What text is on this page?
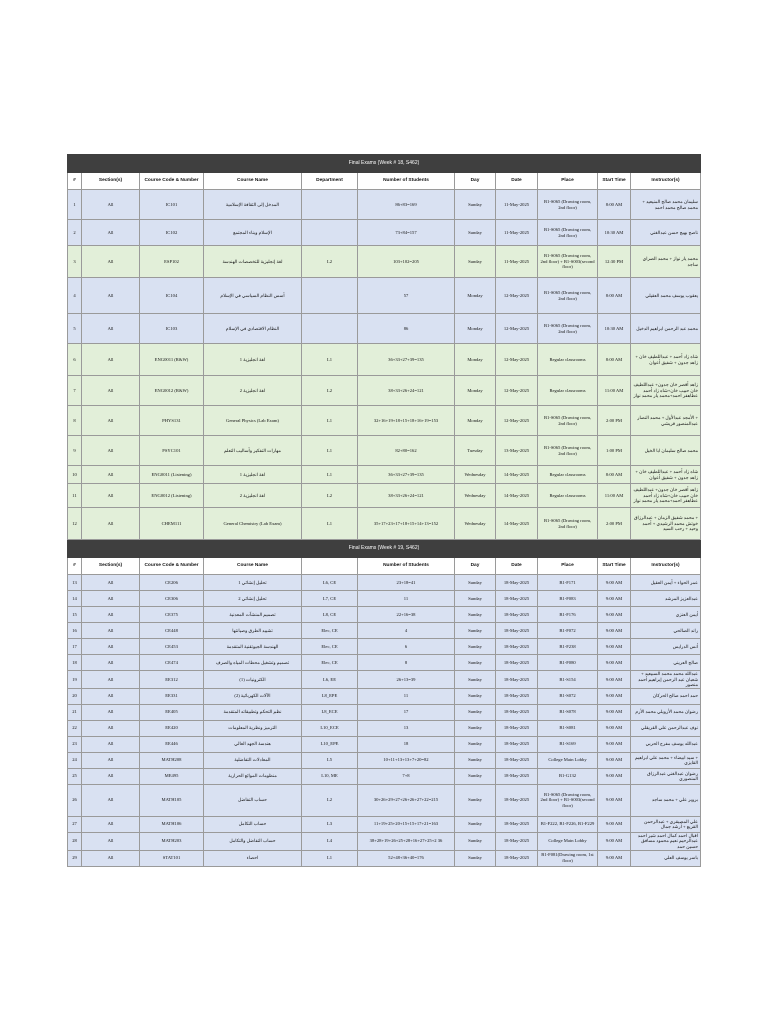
Final Exams (Week # 18, S462)										
#	Section(s)	Course Code & Number	Course Name	Department	Number of Students	Day	Date	Place	Start Time	Instructor(s)
1	All	IC101	المدخل إلى الثقافة الإسلامية		86+83=169	Sunday	11-May-2025	B1-S065 (Drawing room, 2nd floor)	8:00 AM	سليمان محمد صالح المنيعيد + محمد صالح محمد احمد
2	All	IC102	الإسلام وبناء المجتمع		73+84=157	Sunday	11-May-2025	B1-S065 (Drawing room, 2nd floor)	10:30 AM	ناصح بهيج حسن عبدالغني
3	All	ESP102	لغة إنجليزية للتخصصات الهندسة	L2	103+102=205	Sunday	11-May-2025	B1-S065 (Drawing room, 2nd floor) + B1-S003(second floor)	12:30 PM	محمد يار نواز + محمد الصراي ساجد
4	All	IC104	أسس النظام السياسي في الإسلام		57	Monday	12-May-2025	B1-S065 (Drawing room, 2nd floor)	8:00 AM	يعقوب يوسف محمد العقيلي
5	All	IC103	النظام الاقتصادي في الإسلام		86	Monday	12-May-2025	B1-S065 (Drawing room, 2nd floor)	10:30 AM	محمد عبد الرحمن ابراهيم الدخيل
6	All	ENG0011 (R&W)	لغة انجليزية 1	L1	36+33+27+39=135	Monday	12-May-2025	Regular classrooms	8:00 AM	شاه زاد أحمد + عبداللطيف خان + زاهد جدون + شفيق أعوان
7	All	ENG0012 (R&W)	لغة انجليزية 2	L2	38+33+26+24=121	Monday	12-May-2025	Regular classrooms	11:00 AM	زاهد أقصر خان جدون+ عبداللطيف خان حبيب خان+شاه زاد أحمد عطاهفر احمد+محمد يار محمد نواز
8	All	PHYS131	General Physics (Lab Exam)	L1	32+16+19+18+15+18+16+19=153	Monday	12-May-2025	B1-S065 (Drawing room, 2nd floor)	2:00 PM	+ الأمجد عبدالأول + محمد النصار عبدالمنصور قريشي
9	All	PSYC101	مهارات التفكير وأساليب التعلم	L1	82+80=162	Tuesday	13-May-2025	B1-S065 (Drawing room, 2nd floor)	1:00 PM	محمد صالح سليمان ابا الخيل
10	All	ENG0011 (Listening)	لغة انجليزية 1	L1	36+33+27+39=135	Wednesday	14-May-2025	Regular classrooms	8:00 AM	شاه زاد أحمد + عبداللطيف خان + زاهد جدون + شفيق أعوان
11	All	ENG0012 (Listening)	لغة انجليزية 2	L2	38+33+26+24=121	Wednesday	14-May-2025	Regular classrooms	11:00 AM	زاهد أقصر خان جدون+ عبداللطيف خان حبيب خان+شاه زاد أحمد عطاهفر احمد+محمد يار محمد نواز
12	All	CHEM111	General Chemistry (Lab Exam)	L1	35+17+23+17+18+15+14+13=152	Wednesday	14-May-2025	B1-S065 (Drawing room, 2nd floor)	2:00 PM	+ محمد شفيق الزمان + عبدالرزاق خوتش محمد الرشيدي + أحمد وحيد + رحب السيد
Final Exams (Week # 19, S462)										
#	Section(s)	Course Code & Number	Course Name		Number of Students	Day	Date	Place	Start Time	Instructor(s)
13	All	CE206	تحليل إنشائي 1	L6, CE	23+18=41	Sunday	18-May-2025	B1-F171	9:00 AM	عمر الحواء + أيمن العقيل
14	All	CE306	تحليل إنشائي 2	L7, CE	11	Sunday	18-May-2025	B1-F083	9:00 AM	عبدالعزيز المرشد
15	All	CE375	تصميم المنشآت المعدنية	L8, CE	22+16=38	Sunday	18-May-2025	B1-F176	9:00 AM	أيمن العنزي
16	All	CE448	تشييد الطرق وصيانتها	Elec, CE	4	Sunday	18-May-2025	B1-F072	9:00 AM	راند الصالحي
17	All	CE453	الهندسة الجيوتقنية المتقدمة	Elec, CE	6	Sunday	18-May-2025	B1-F238	9:00 AM	أنس الدرايس
18	All	CE474	تصميم وتشغيل محطات المياه والصرف	Elec, CE	8	Sunday	18-May-2025	B1-F080	9:00 AM	صالح العريني
19	All	EE312	الكترونيات (1)	L6, EE	26+13=39	Sunday	18-May-2025	B1-S154	9:00 AM	عبدالله محمد محمد السبيعيد + شعبان عبد الرحمن إبراهيم أحمد منصور
20	All	EE331	الآلات الكهربائية (2)	L8_EPE	11	Sunday	18-May-2025	B1-S072	9:00 AM	حمد احمد صالح الحركان
21	All	EE405	نظم التحكم وتطبيقاته المتقدمة	L8_ECE	17	Sunday	18-May-2025	B1-S078	9:00 AM	رضوان محمد الأرويلي محمد الأرم
22	All	EE420	الترميز ونظرية المعلومات	L10_ECE	13	Sunday	18-May-2025	B1-S081	9:00 AM	نوف عبدالرحمن علي القريقلي
23	All	EE446	هندسة الجهد العالي	L10_EPE	18	Sunday	18-May-2025	B1-S169	9:00 AM	عبدالله يوسف مفرج الحربي
24	All	MATH208	المعادلات التفاضلية	L5	10+11+13+13+7+20=82	Sunday	18-May-2025	College Main Lobby	9:00 AM	+ سيد ابيضاء + محمد علي ابراهيم القايزي
25	All	ME495	منظومات الموائع الحرارية	L10, ME	7+8	Sunday	18-May-2025	B1-G132	9:00 AM	رضوان عبدالغني عبدالرزاق المنصوري
26	All	MATH105	حساب التفاضل	L2	30+26+29+27+26+26+27+22=215	Sunday	18-May-2025	B1-S065 (Drawing room, 2nd floor) + B1-S003(second floor)	9:00 AM	بروير علي + محمد ساجد
27	All	MATH106	حساب التكامل	L3	11+19+25+20+15+15+17+21=163	Sunday	18-May-2025	B1-F222, B1-F226, B1-F229	9:00 AM	علي المصيقري + عبدالرحمن القريع + أرشد جمال
28	All	MATH203	حساب التفاضل والتكامل	L4	38+28+19+26+25+28+16+27+25+2 36	Sunday	18-May-2025	College Main Lobby	9:00 AM	اقبال احمد كمال احمد شير احمد عبدالرحيم نعيم محمود مسافق حسين حمد
29	All	STAT101	احصاء	L1	52+48+36+40=176	Sunday	18-May-2025	B1-F081(Drawing room, 1st floor)	9:00 AM	باسر يوسف العلي
